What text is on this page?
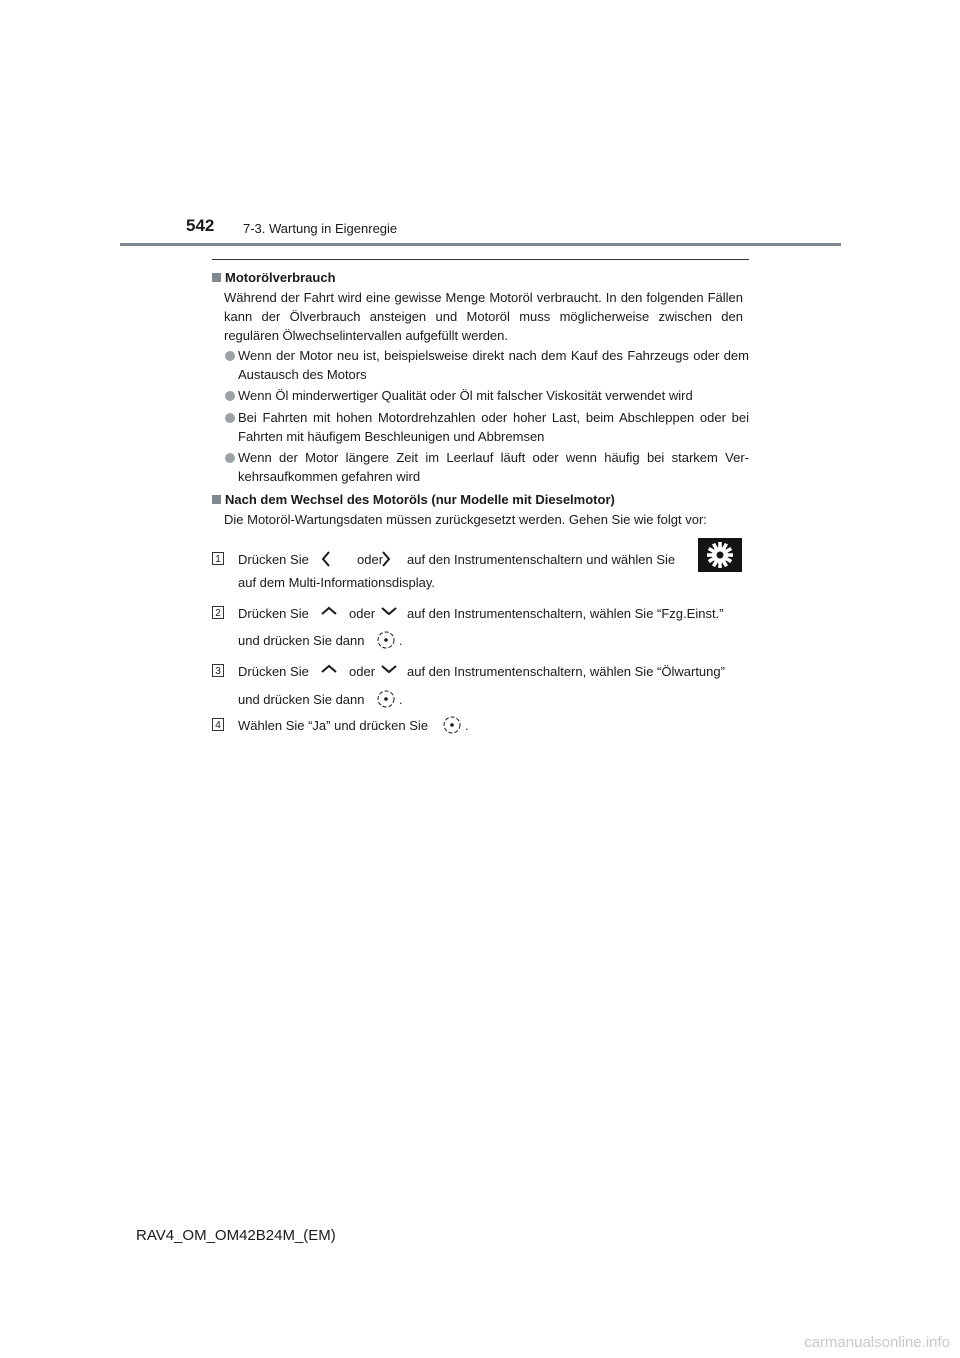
542 7-3. Wartung in Eigenregie
Motorölverbrauch
Während der Fahrt wird eine gewisse Menge Motoröl verbraucht. In den folgenden Fällen kann der Ölverbrauch ansteigen und Motoröl muss möglicherweise zwischen den regulären Ölwechselintervallen aufgefüllt werden.
Wenn der Motor neu ist, beispielsweise direkt nach dem Kauf des Fahrzeugs oder dem Austausch des Motors
Wenn Öl minderwertiger Qualität oder Öl mit falscher Viskosität verwendet wird
Bei Fahrten mit hohen Motordrehzahlen oder hoher Last, beim Abschleppen oder bei Fahrten mit häufigem Beschleunigen und Abbremsen
Wenn der Motor längere Zeit im Leerlauf läuft oder wenn häufig bei starkem Ver-kehrsaufkommen gefahren wird
Nach dem Wechsel des Motoröls (nur Modelle mit Dieselmotor)
Die Motoröl-Wartungsdaten müssen zurückgesetzt werden. Gehen Sie wie folgt vor:
1 Drücken Sie	oder auf den Instrumentenschaltern und wählen Sie
auf dem Multi-Informationsdisplay.
2 Drücken Sie	oder auf den Instrumentenschaltern, wählen Sie “Fzg.Einst.”
und drücken Sie dann	.
3 Drücken Sie	oder auf den Instrumentenschaltern, wählen Sie “Ölwartung”
und drücken Sie dann	.
4 Wählen Sie “Ja” und drücken Sie	.
RAV4_OM_OM42B24M_(EM)
carmanualsonline.info
